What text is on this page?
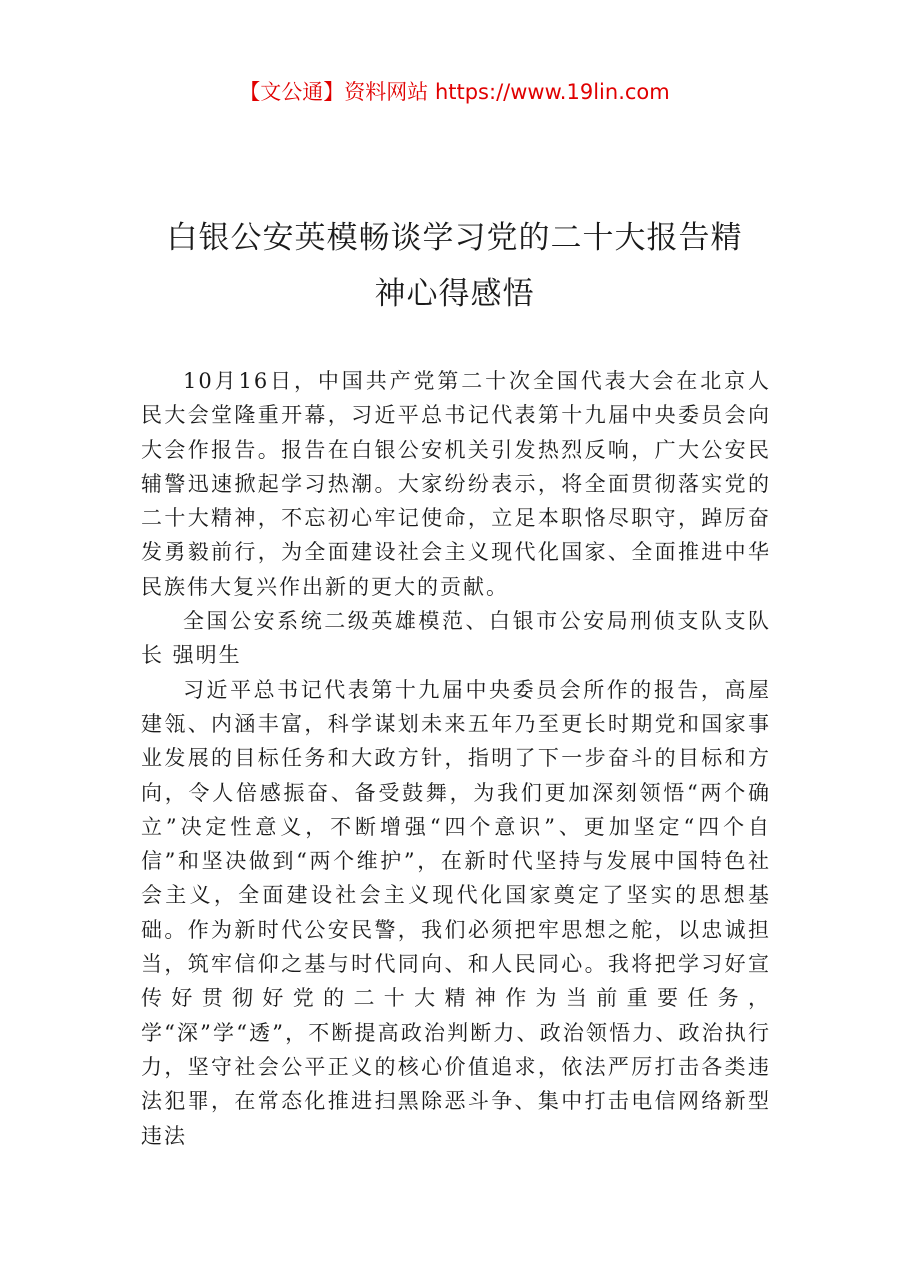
【文公通】资料网站 https://www.19lin.com
白银公安英模畅谈学习党的二十大报告精
神心得感悟

10月16日，中国共产党第二十次全国代表大会在北京人民大会堂隆重开幕，习近平总书记代表第十九届中央委员会向大会作报告。报告在白银公安机关引发热烈反响，广大公安民辅警迅速掀起学习热潮。大家纷纷表示，将全面贯彻落实党的二十大精神，不忘初心牢记使命，立足本职恪尽职守，踔厉奋发勇毅前行，为全面建设社会主义现代化国家、全面推进中华民族伟大复兴作出新的更大的贡献。

全国公安系统二级英雄模范、白银市公安局刑侦支队支队长 强明生

习近平总书记代表第十九届中央委员会所作的报告，高屋建瓴、内涵丰富，科学谋划未来五年乃至更长时期党和国家事业发展的目标任务和大政方针，指明了下一步奋斗的目标和方向，令人倍感振奋、备受鼓舞，为我们更加深刻领悟“两个确立”决定性意义，不断增强“四个意识”、更加坚定“四个自信”和坚决做到“两个维护”，在新时代坚持与发展中国特色社会主义，全面建设社会主义现代化国家奠定了坚实的思想基础。作为新时代公安民警，我们必须把牢思想之舵，以忠诚担当，筑牢信仰之基与时代同向、和人民同心。我将把学习好宣传好贯彻好党的二十大精神作为当前重要任务，学“深”学“透”，不断提高政治判断力、政治领悟力、政治执行力，坚守社会公平正义的核心价值追求，依法严厉打击各类违法犯罪，在常态化推进扫黑除恶斗争、集中打击电信网络新型违法
